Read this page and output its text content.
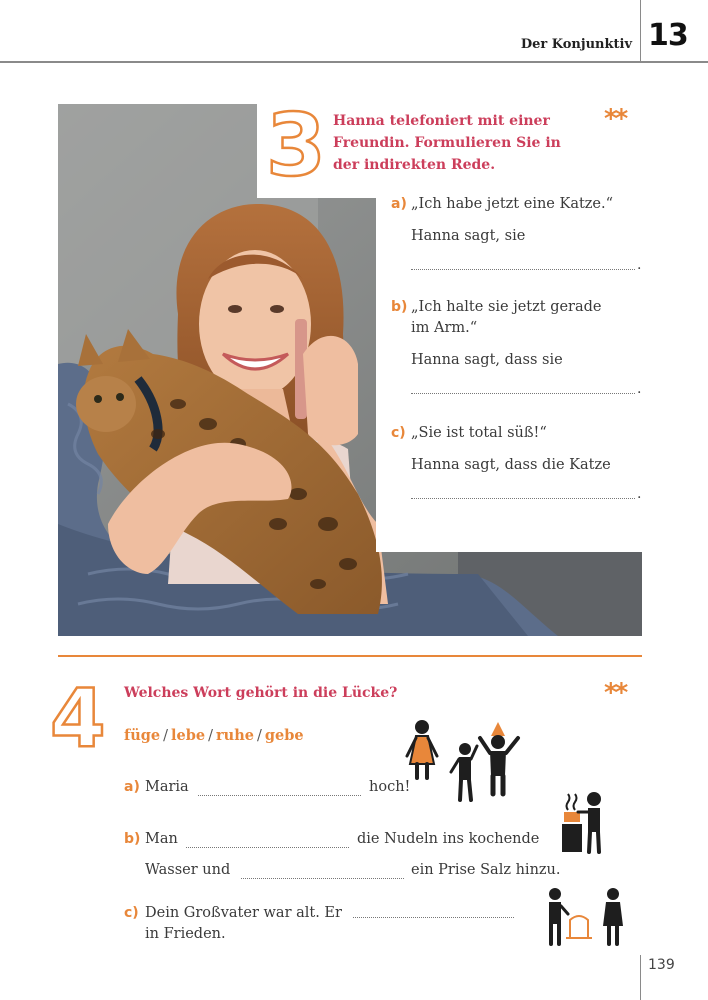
Der Konjunktiv 13
3 Hanna telefoniert mit einer
Freundin. Formulieren Sie in
der indirekten Rede.
**
a) „Ich habe jetzt eine Katze.“
Hanna sagt, sie
.
b) „Ich halte sie jetzt gerade
im Arm.“
Hanna sagt, dass sie
.
c) „Sie ist total süß!“
Hanna sagt, dass die Katze
.
4 Welches Wort gehört in die Lücke?	**
füge / lebe / ruhe / gebe
a) Maria	hoch!
b) Man	die Nudeln ins kochende
Wasser und	ein Prise Salz hinzu.
c) Dein Großvater war alt. Er
in Frieden.
139
